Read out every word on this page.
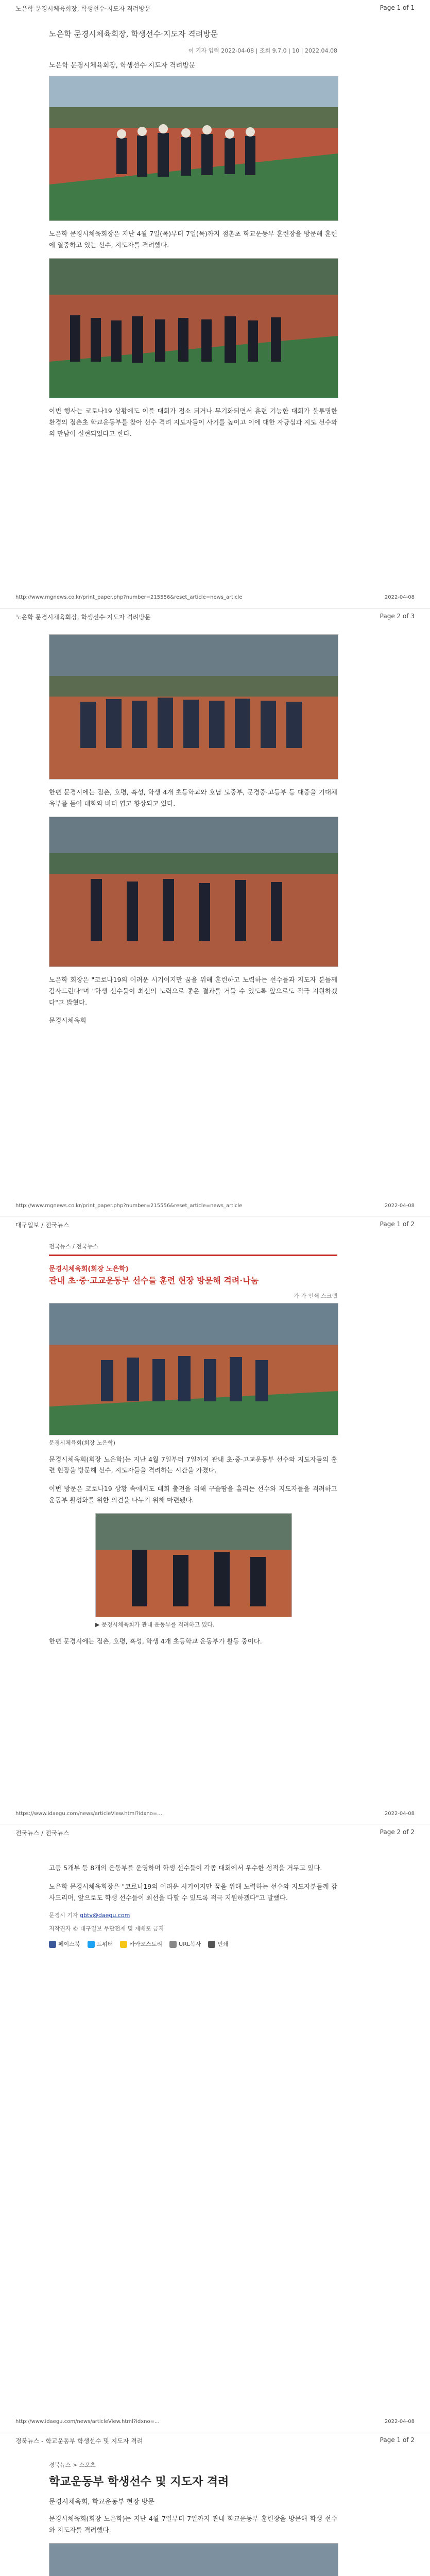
노은학 문경시체육회장, 학생선수·지도자 격려방문	Page 1 of 1
노은학 문경시체육회장, 학생선수·지도자 격려방문
이 기자 입력 2022-04-08 | 조회 9,7.0 | 10 | 2022.04.08
노은학 문경시체육회장, 학생선수·지도자 격려방문

노은학 문경시체육회장은 지난 4월 7일(목)부터 7일(목)까지 점촌초 학교운동부 훈련장을 방문해 훈련에 열중하고 있는 선수, 지도자를 격려했다.

이번 행사는 코로나19 상황에도 이를 대회가 점소 되거나 무기화되면서 훈련 기능한 대회가 불투명한 환경의 점촌초 학교운동부를 찾아 선수 격려 지도자들이 사기를 높이고 이에 대한 자긍심과 지도 선수와의 만남이 실현되었다고 한다.

http://www.mgnews.co.kr/print_paper.php?number=215556&reset_article=news_article	2022-04-08
노은학 문경시체육회장, 학생선수·지도자 격려방문	Page 2 of 3

한편 문경시에는 점촌, 호평, 흑성, 학생 4개 초등학교와 호남 도중부, 문경중·고등부 등 대중을 기대체육부를 들어 대화와 비터 엽고 향상되고 있다.

노은학 회장은 "코로나19의 어려운 시기이지만 꿈을 위해 훈련하고 노력하는 선수들과 지도자 분들께 감사드린다"며 "학생 선수들이 최선의 노력으로 좋은 결과를 거둘 수 있도록 앞으로도 적극 지원하겠다"고 밝혔다.

문경시체육회

http://www.mgnews.co.kr/print_paper.php?number=215556&reset_article=news_article	2022-04-08
대구일보 / 전국뉴스	Page 1 of 2
전국뉴스 / 전국뉴스
문경시체육회(회장 노은학)
관내 초·중·고교운동부 선수들 훈련 현장 방문해 격려·나눔
가 가 인쇄 스크랩
문경시체육회(회장 노은학)

문경시체육회(회장 노은학)는 지난 4월 7일부터 7일까지 관내 초·중·고교운동부 선수와 지도자들의 훈련 현장을 방문해 선수, 지도자들을 격려하는 시간을 가졌다.

이번 방문은 코로나19 상황 속에서도 대회 출전을 위해 구슬땀을 흘리는 선수와 지도자들을 격려하고 운동부 활성화를 위한 의견을 나누기 위해 마련됐다.

▶ 문경시체육회가 관내 운동부를 격려하고 있다.

한편 문경시에는 점촌, 호평, 흑성, 학생 4개 초등학교 운동부가 활동 중이다.

https://www.idaegu.com/news/articleView.html?idxno=...	2022-04-08
전국뉴스 / 전국뉴스	Page 2 of 2

고등 5개부 등 8개의 운동부를 운영하며 학생 선수들이 각종 대회에서 우수한 성적을 거두고 있다.

노은학 문경시체육회장은 "코로나19의 어려운 시기이지만 꿈을 위해 노력하는 선수와 지도자분들께 감사드리며, 앞으로도 학생 선수들이 최선을 다할 수 있도록 적극 지원하겠다"고 말했다.

문경시 기자 gbtv@daegu.com
저작권자 © 대구일보 무단전재 및 재배포 금지
페이스북	트위터	카카오스토리	URL복사	인쇄
http://www.idaegu.com/news/articleView.html?idxno=...	2022-04-08
경북뉴스 - 학교운동부 학생선수 및 지도자 격려	Page 1 of 2
경북뉴스 > 스포츠
학교운동부 학생선수 및 지도자 격려
문경시체육회, 학교운동부 현장 방문

문경시체육회(회장 노은학)는 지난 4월 7일부터 7일까지 관내 학교운동부 훈련장을 방문해 학생 선수와 지도자를 격려했다.
